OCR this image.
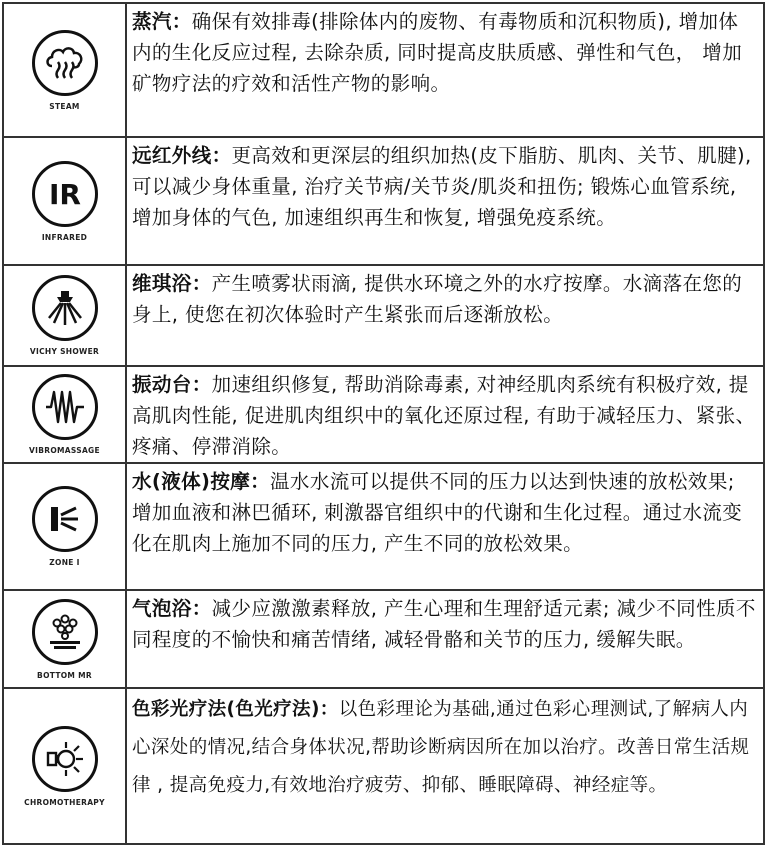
STEAM
蒸汽：确保有效排毒(排除体内的废物、有毒物质和沉积物质), 增加体内的生化反应过程, 去除杂质, 同时提高皮肤质感、弹性和气色， 增加矿物疗法的疗效和活性产物的影响。
IR
INFRARED
远红外线：更高效和更深层的组织加热(皮下脂肪、肌肉、关节、肌腱), 可以减少身体重量, 治疗关节病/关节炎/肌炎和扭伤; 锻炼心血管系统, 增加身体的气色, 加速组织再生和恢复, 增强免疫系统。
VICHY SHOWER
维琪浴：产生喷雾状雨滴, 提供水环境之外的水疗按摩。水滴落在您的身上, 使您在初次体验时产生紧张而后逐渐放松。
VIBROMASSAGE
振动台：加速组织修复, 帮助消除毒素, 对神经肌肉系统有积极疗效, 提高肌肉性能, 促进肌肉组织中的氧化还原过程, 有助于减轻压力、紧张、疼痛、停滞消除。
ZONE I
水(液体)按摩：温水水流可以提供不同的压力以达到快速的放松效果; 增加血液和淋巴循环, 刺激器官组织中的代谢和生化过程。通过水流变化在肌肉上施加不同的压力, 产生不同的放松效果。
BOTTOM MR
气泡浴：减少应激激素释放, 产生心理和生理舒适元素; 减少不同性质不同程度的不愉快和痛苦情绪, 减轻骨骼和关节的压力, 缓解失眠。
CHROMOTHERAPY
色彩光疗法(色光疗法)：以色彩理论为基础,通过色彩心理测试,了解病人内心深处的情况,结合身体状况,帮助诊断病因所在加以治疗。改善日常生活规律 , 提高免疫力,有效地治疗疲劳、抑郁、睡眠障碍、神经症等。
